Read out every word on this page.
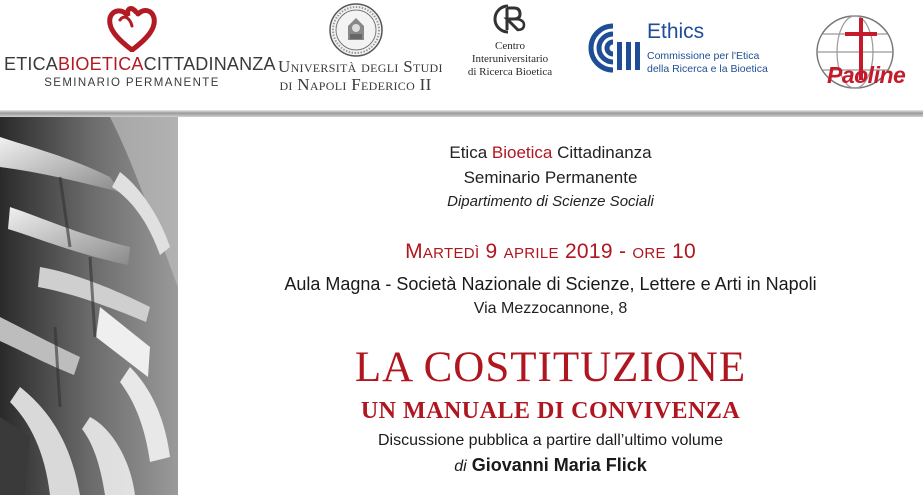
ETICABIOETICACITTADINANZA
SEMINARIO PERMANENTE
Università degli Studi
di Napoli Federico II
Centro
Interuniversitario
di Ricerca Bioetica
Ethics
Commissione per l'Etica
della Ricerca e la Bioetica	Paoline
Etica Bioetica Cittadinanza
Seminario Permanente
Dipartimento di Scienze Sociali
Martedì 9 aprile 2019 - ore 10
Aula Magna - Società Nazionale di Scienze, Lettere e Arti in Napoli
Via Mezzocannone, 8
LA COSTITUZIONE
UN MANUALE DI CONVIVENZA
Discussione pubblica a partire dall’ultimo volume
di Giovanni Maria Flick
